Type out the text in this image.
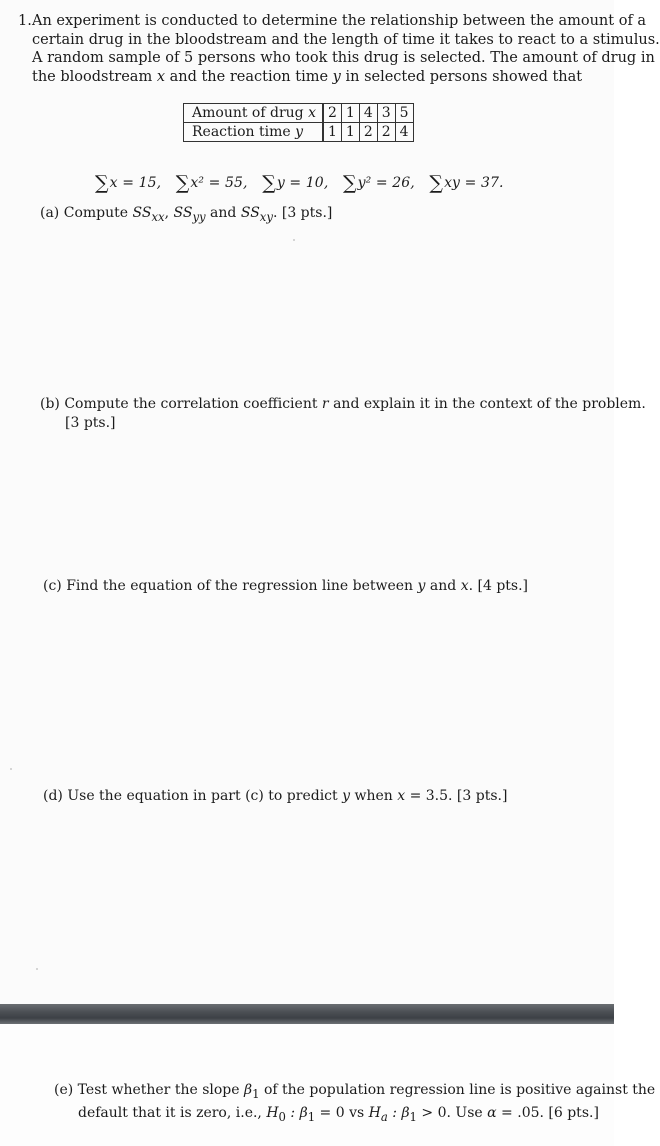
1.An experiment is conducted to determine the relationship between the amount of a
certain drug in the bloodstream and the length of time it takes to react to a stimulus.
A random sample of 5 persons who took this drug is selected. The amount of drug in
the bloodstream x and the reaction time y in selected persons showed that
Amount of drug x	2	1	4	3	5
Reaction time y	1	1	2	2	4
∑x = 15, ∑x² = 55, ∑y = 10, ∑y² = 26, ∑xy = 37.
(a) Compute $SS_{xx}$, $SS_{yy}$ and $SS_{xy}$. [3 pts.]
(b) Compute the correlation coefficient r and explain it in the context of the problem.
[3 pts.]
(c) Find the equation of the regression line between y and x. [4 pts.]
(d) Use the equation in part (c) to predict y when x = 3.5. [3 pts.]
(e) Test whether the slope $\beta_1$ of the population regression line is positive against the
default that it is zero, i.e., $H_0$ : $\beta_1 = 0$ vs $H_a$ : $\beta_1 > 0$. Use α = .05. [6 pts.]
